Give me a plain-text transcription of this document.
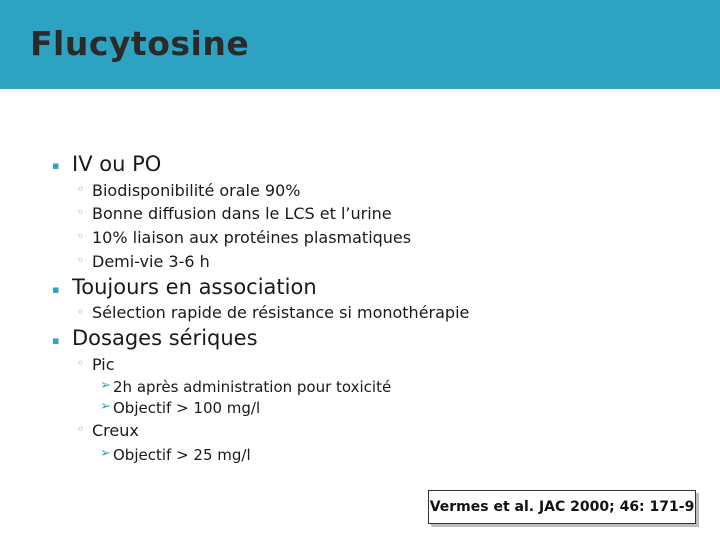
Flucytosine
▪ IV ou PO
◦ Biodisponibilité orale 90%
◦ Bonne diffusion dans le LCS et l’urine
◦ 10% liaison aux protéines plasmatiques
◦ Demi-vie 3-6 h
▪ Toujours en association
◦ Sélection rapide de résistance si monothérapie
▪ Dosages sériques
◦ Pic
➢ 2h après administration pour toxicité
➢ Objectif > 100 mg/l
◦ Creux
➢ Objectif > 25 mg/l
Vermes et al. JAC 2000; 46: 171-9
